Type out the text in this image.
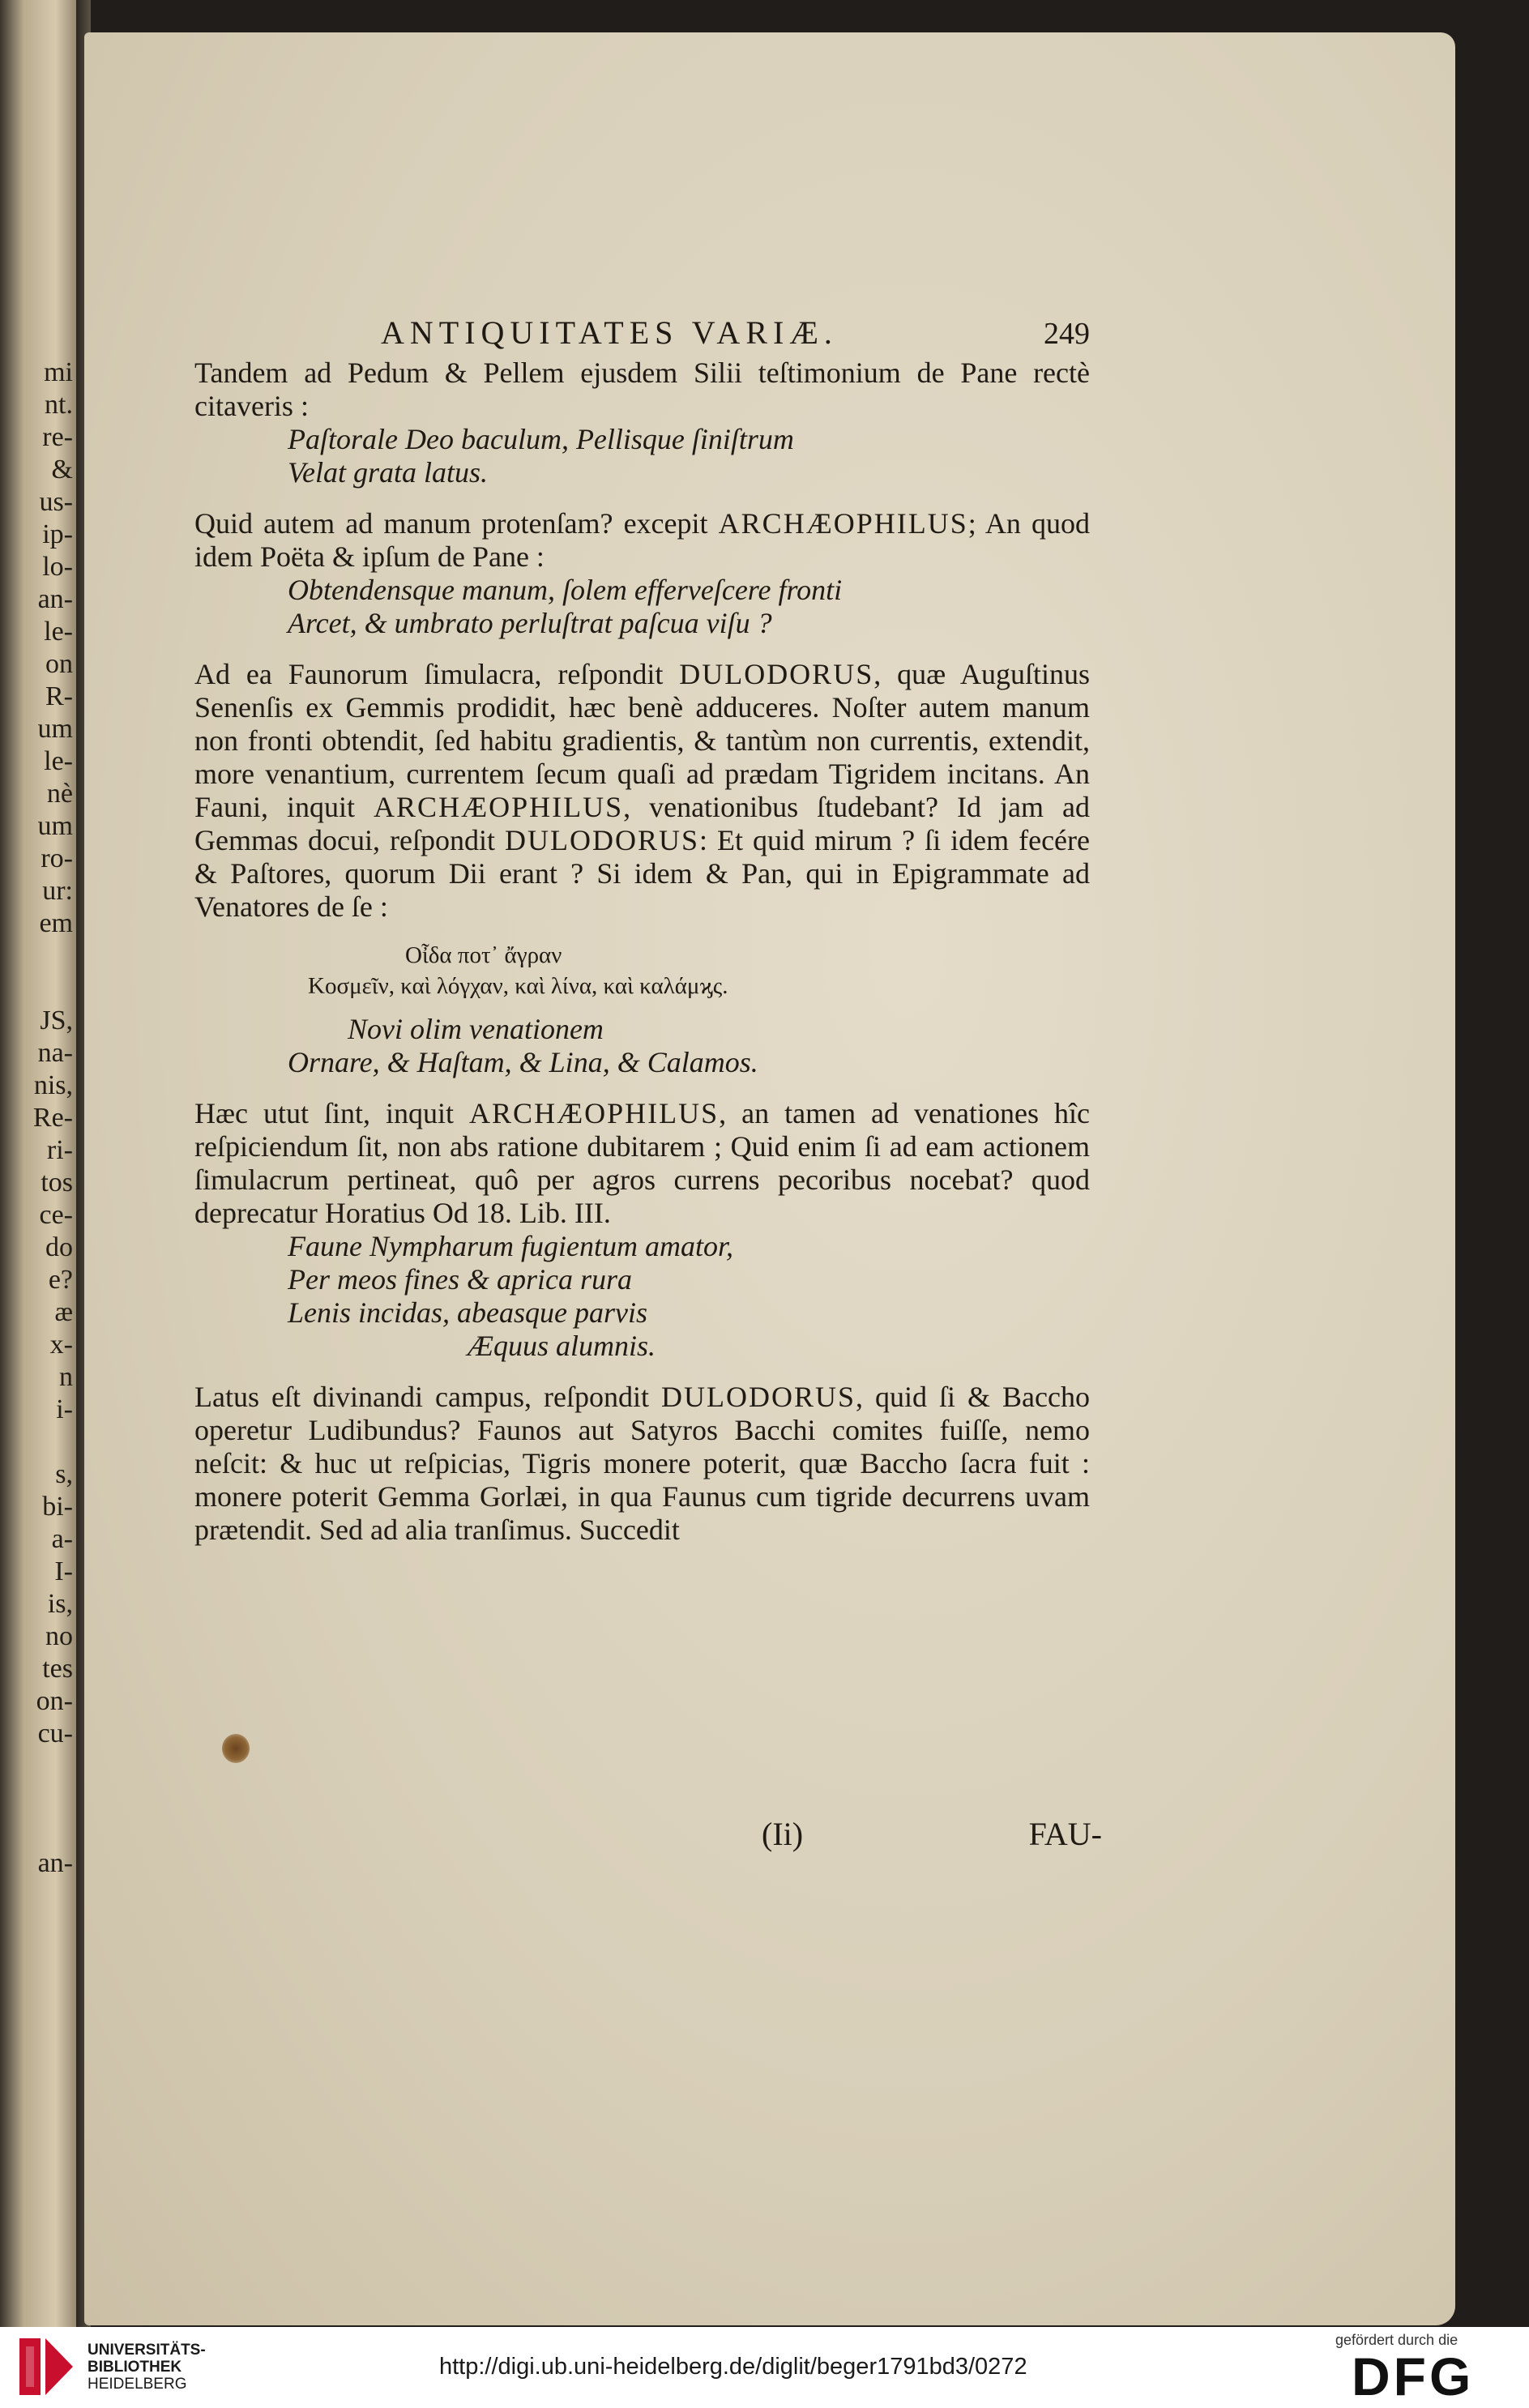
mi
nt.
re-
&
us-
ip-
lo-
an-
le-
on
R-
um
le-
nè
um
ro-
ur:
em

JS,
na-
nis,
Re-
ri-
tos
ce-
do
e?
æ
x-
n
i-

s,
bi-
a-
I-
is,
no
tes
on-
cu-

an-
ANTIQUITATES VARIÆ.	249

Tandem ad Pedum & Pellem ejusdem Silii teſtimonium de Pane rectè citaveris :

Paſtorale Deo baculum, Pellisque ſiniſtrum
Velat grata latus.

Quid autem ad manum protenſam? excepit ARCHÆOPHILUS; An quod idem Poëta & ipſum de Pane :

Obtendensque manum, ſolem efferveſcere fronti
Arcet, & umbrato perluſtrat paſcua viſu ?

Ad ea Faunorum ſimulacra, reſpondit DULODORUS, quæ Auguſtinus Senenſis ex Gemmis prodidit, hæc benè adduceres. Noſter autem manum non fronti obtendit, ſed habitu gradientis, & tantùm non currentis, extendit, more venantium, currentem ſecum quaſi ad prædam Tigridem incitans. An Fauni, inquit ARCHÆOPHILUS, venationibus ſtudebant? Id jam ad Gemmas docui, reſpondit DULODORUS: Et quid mirum ? ſi idem fecére & Paſtores, quorum Dii erant ? Si idem & Pan, qui in Epigrammate ad Venatores de ſe :

Οἶδα ποτ᾽ ἄγραν
Κοσμεῖν, καὶ λόγχαν, καὶ λίνα, καὶ καλάμϗς.
Novi olim venationem
Ornare, & Haſtam, & Lina, & Calamos.

Hæc utut ſint, inquit ARCHÆOPHILUS, an tamen ad venationes hîc reſpiciendum ſit, non abs ratione dubitarem ; Quid enim ſi ad eam actionem ſimulacrum pertineat, quô per agros currens pecoribus nocebat? quod deprecatur Horatius Od 18. Lib. III.

Faune Nympharum fugientum amator,
Per meos fines & aprica rura
Lenis incidas, abeasque parvis
Æquus alumnis.

Latus eſt divinandi campus, reſpondit DULODORUS, quid ſi & Baccho operetur Ludibundus? Faunos aut Satyros Bacchi comites fuiſſe, nemo neſcit: & huc ut reſpicias, Tigris monere poterit, quæ Baccho ſacra fuit : monere poterit Gemma Gorlæi, in qua Faunus cum tigride decurrens uvam prætendit. Sed ad alia tranſimus. Succedit

(Ii)	FAU-
UNIVERSITÄTS-
BIBLIOTHEK
HEIDELBERG
http://digi.ub.uni-heidelberg.de/diglit/beger1791bd3/0272
gefördert durch die
DFG
